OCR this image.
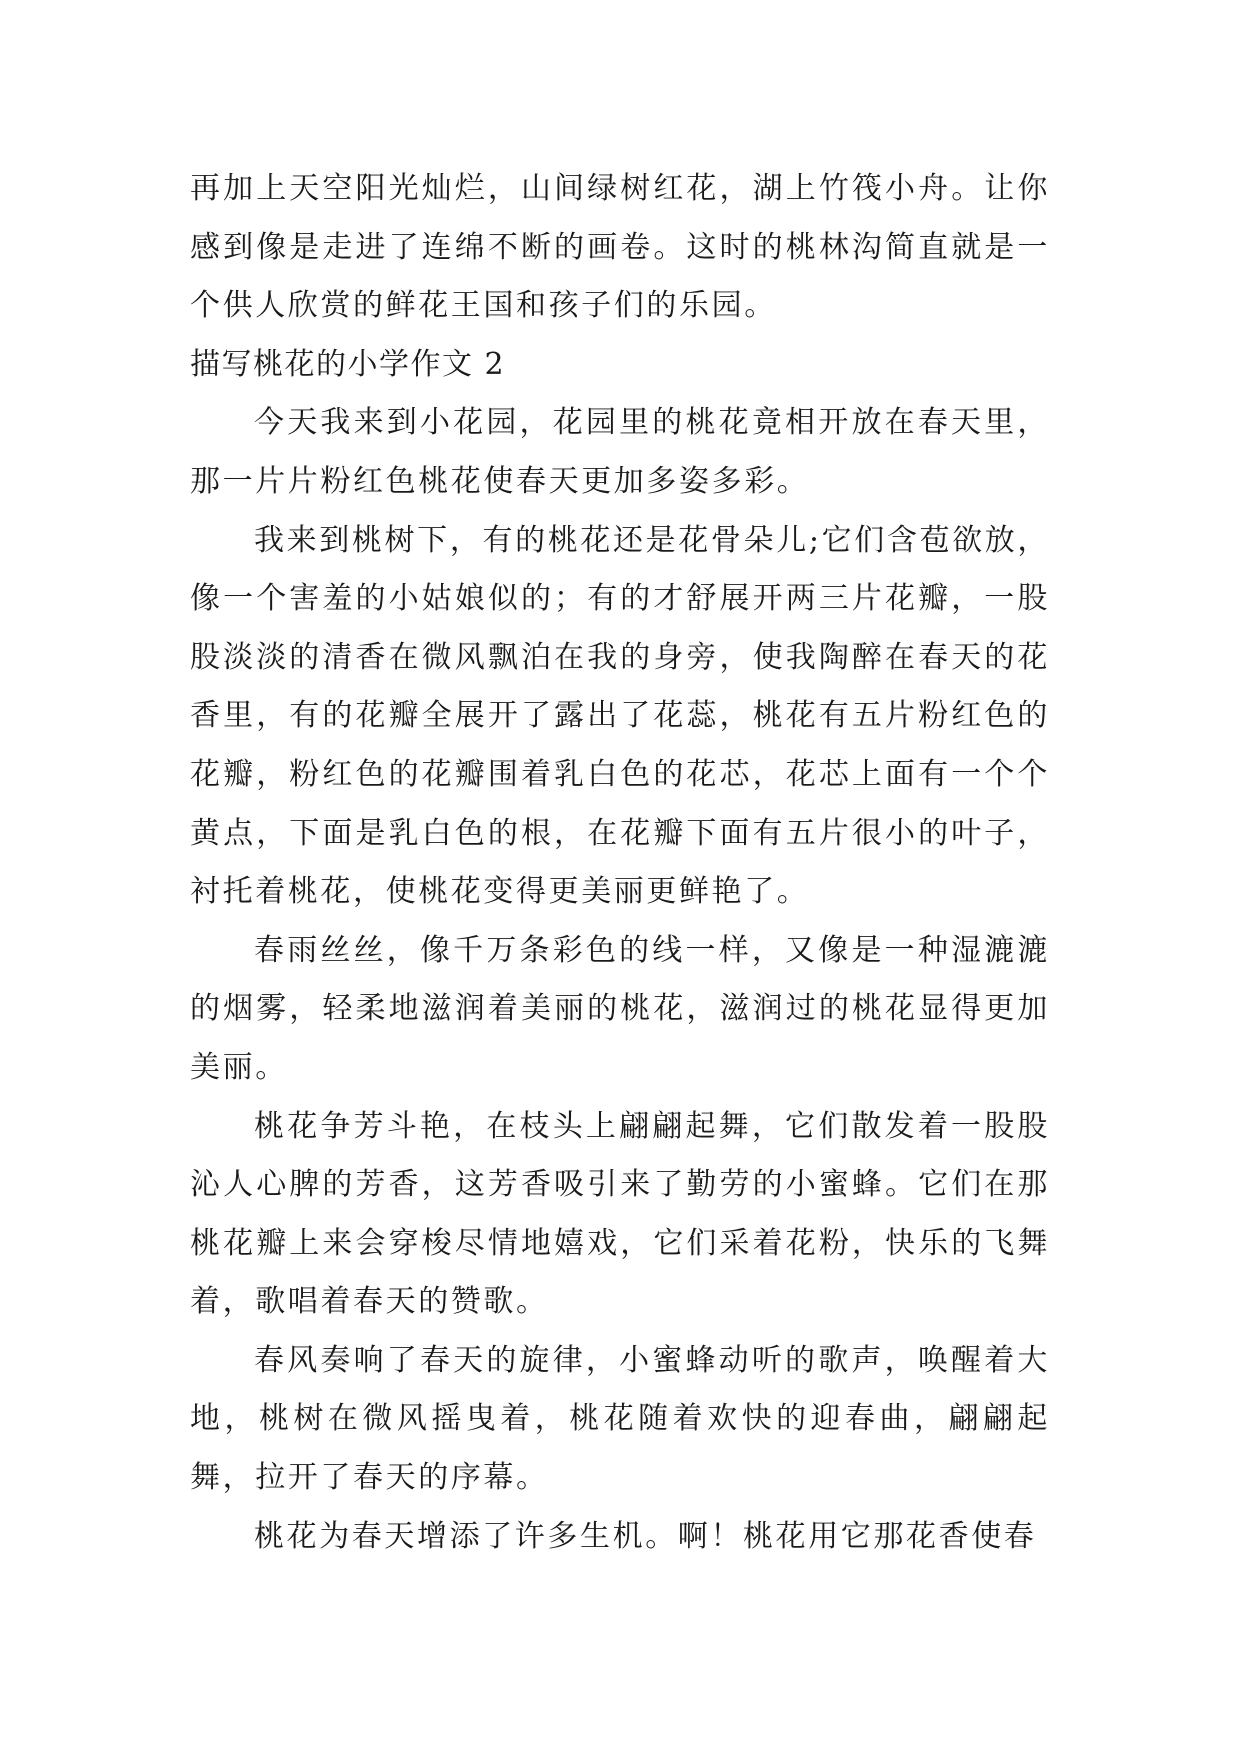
再加上天空阳光灿烂，山间绿树红花，湖上竹筏小舟。让你感到像是走进了连绵不断的画卷。这时的桃林沟简直就是一个供人欣赏的鲜花王国和孩子们的乐园。

描写桃花的小学作文 2

今天我来到小花园，花园里的桃花竟相开放在春天里，那一片片粉红色桃花使春天更加多姿多彩。

我来到桃树下，有的桃花还是花骨朵儿;它们含苞欲放，像一个害羞的小姑娘似的；有的才舒展开两三片花瓣，一股股淡淡的清香在微风飘泊在我的身旁，使我陶醉在春天的花香里，有的花瓣全展开了露出了花蕊，桃花有五片粉红色的花瓣，粉红色的花瓣围着乳白色的花芯，花芯上面有一个个黄点，下面是乳白色的根，在花瓣下面有五片很小的叶子，衬托着桃花，使桃花变得更美丽更鲜艳了。

春雨丝丝，像千万条彩色的线一样，又像是一种湿漉漉的烟雾，轻柔地滋润着美丽的桃花，滋润过的桃花显得更加美丽。

桃花争芳斗艳，在枝头上翩翩起舞，它们散发着一股股沁人心脾的芳香，这芳香吸引来了勤劳的小蜜蜂。它们在那桃花瓣上来会穿梭尽情地嬉戏，它们采着花粉，快乐的飞舞着，歌唱着春天的赞歌。

春风奏响了春天的旋律，小蜜蜂动听的歌声，唤醒着大地，桃树在微风摇曳着，桃花随着欢快的迎春曲，翩翩起舞，拉开了春天的序幕。

桃花为春天增添了许多生机。啊！桃花用它那花香使春
